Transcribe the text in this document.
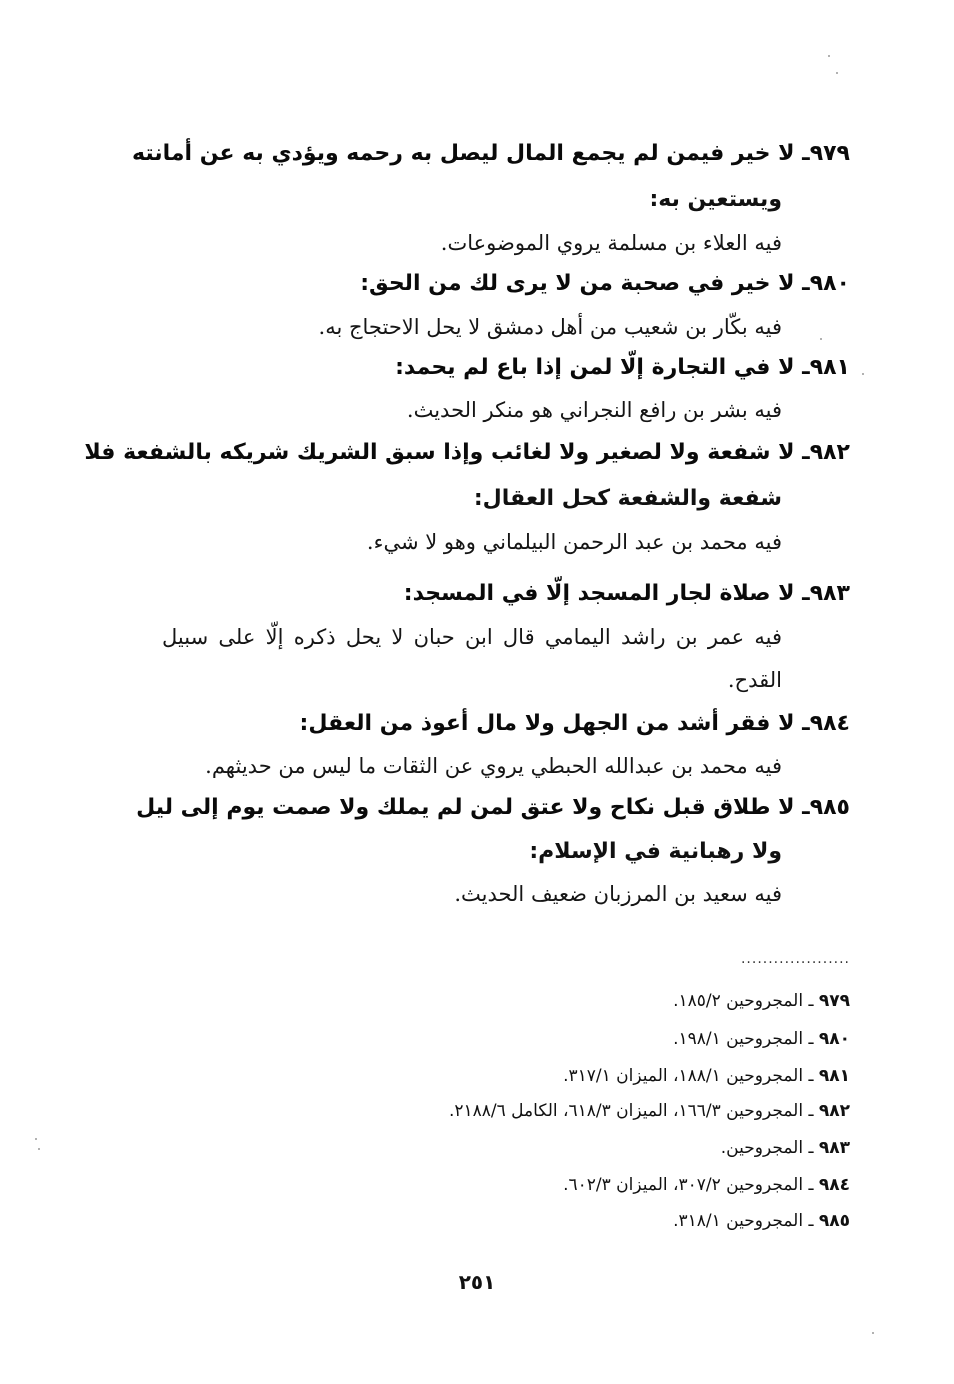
٩٧٩ـ لا خير فيمن لم يجمع المال ليصل به رحمه ويؤدي به عن أمانته
ويستعين به:
فيه العلاء بن مسلمة يروي الموضوعات.
٩٨٠ـ لا خير في صحبة من لا يرى لك من الحق:
فيه بكّار بن شعيب من أهل دمشق لا يحل الاحتجاج به.
٩٨١ـ لا في التجارة إلّا لمن إذا باع لم يحمد:
فيه بشر بن رافع النجراني هو منكر الحديث.
٩٨٢ـ لا شفعة ولا لصغير ولا لغائب وإذا سبق الشريك شريكه بالشفعة فلا
شفعة والشفعة كحل العقال:
فيه محمد بن عبد الرحمن البيلماني وهو لا شيء.
٩٨٣ـ لا صلاة لجار المسجد إلّا في المسجد:
فيه عمر بن راشد اليمامي قال ابن حبان لا يحل ذكره إلّا على سبيل
القدح.
٩٨٤ـ لا فقر أشد من الجهل ولا مال أعوذ من العقل:
فيه محمد بن عبدالله الحبطي يروي عن الثقات ما ليس من حديثهم.
٩٨٥ـ لا طلاق قبل نكاح ولا عتق لمن لم يملك ولا صمت يوم إلى ليل
ولا رهبانية في الإسلام:
فيه سعيد بن المرزبان ضعيف الحديث.
....................
٩٧٩ ـ المجروحين ١٨٥/٢.
٩٨٠ ـ المجروحين ١٩٨/١.
٩٨١ ـ المجروحين ١٨٨/١، الميزان ٣١٧/١.
٩٨٢ ـ المجروحين ١٦٦/٣، الميزان ٦١٨/٣، الكامل ٢١٨٨/٦.
٩٨٣ ـ المجروحين.
٩٨٤ ـ المجروحين ٣٠٧/٢، الميزان ٦٠٢/٣.
٩٨٥ ـ المجروحين ٣١٨/١.
٢٥١
